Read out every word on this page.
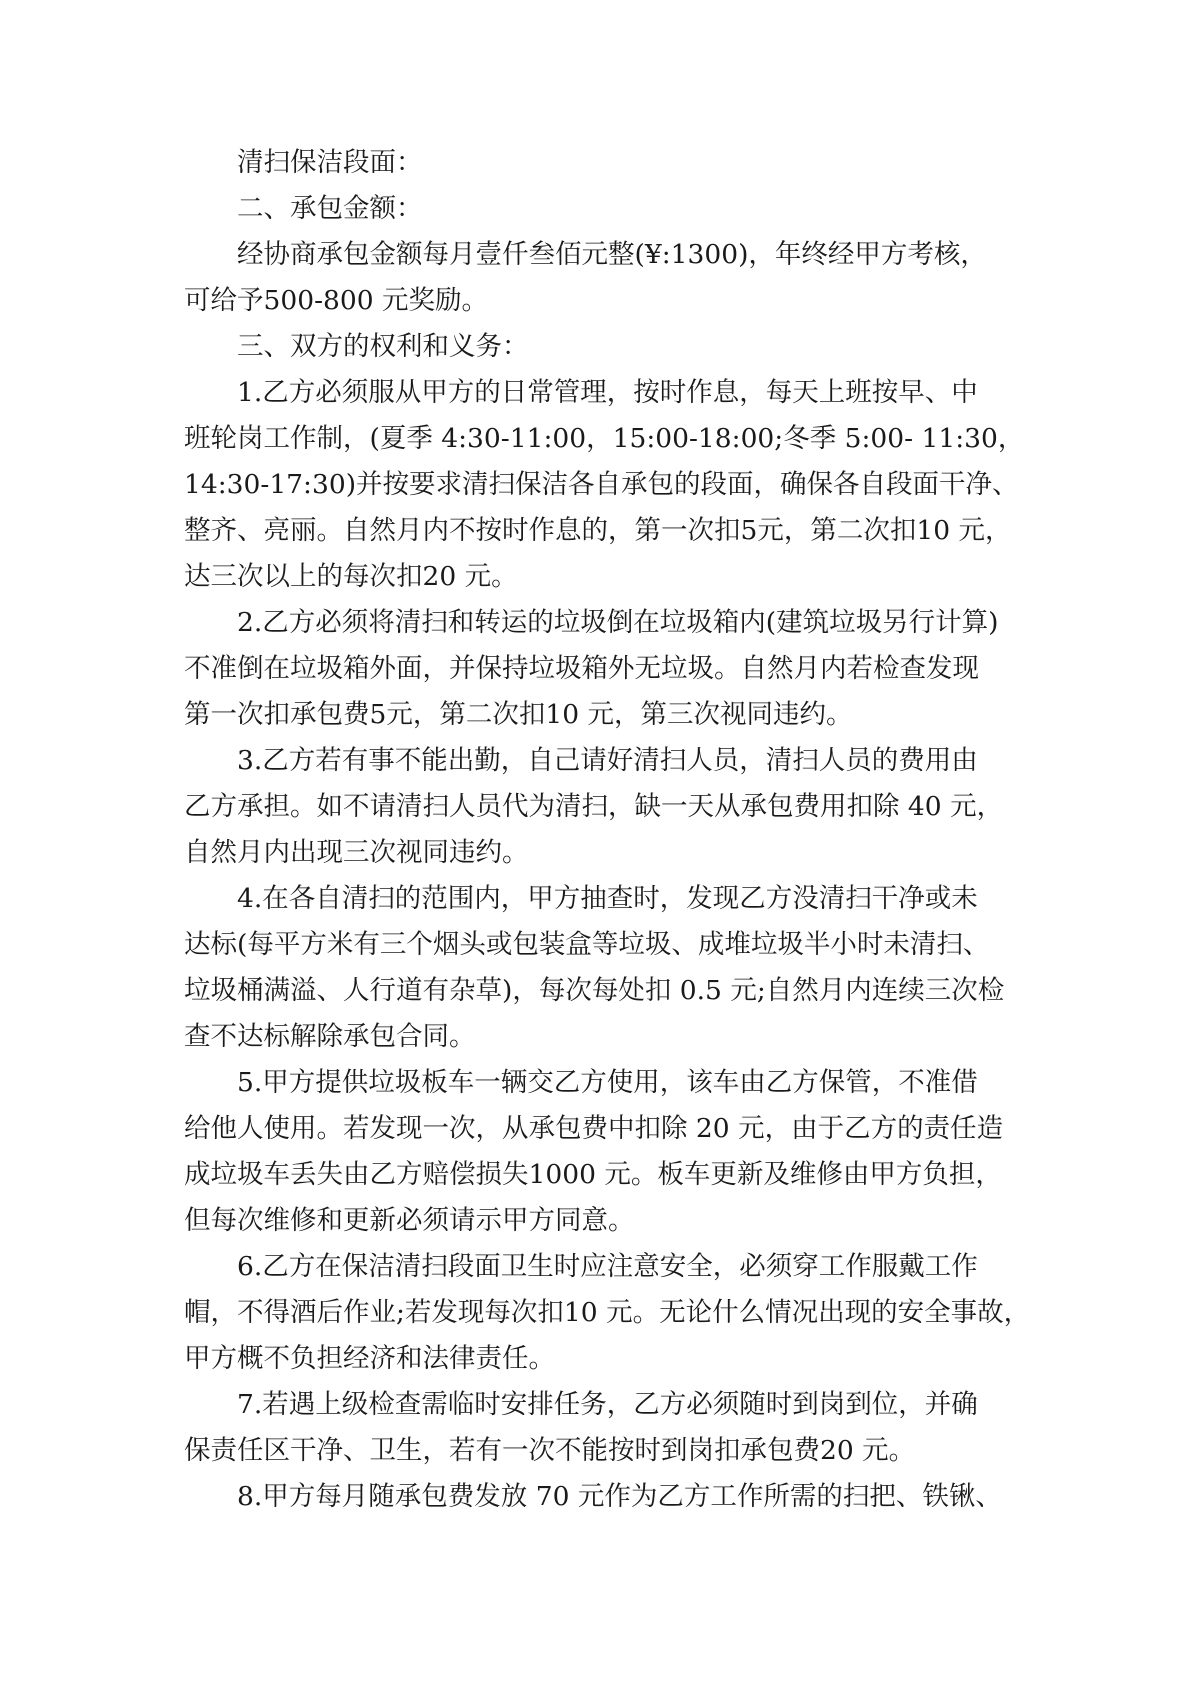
清扫保洁段面：

二、承包金额：

经协商承包金额每月壹仟叁佰元整(¥:1300)，年终经甲方考核，
可给予500-800 元奖励。

三、双方的权利和义务：

1.乙方必须服从甲方的日常管理，按时作息，每天上班按早、中
班轮岗工作制，(夏季 4:30-11:00，15:00-18:00;冬季 5:00- 11:30，
14:30-17:30)并按要求清扫保洁各自承包的段面，确保各自段面干净、
整齐、亮丽。自然月内不按时作息的，第一次扣5元，第二次扣10 元，
达三次以上的每次扣20 元。

2.乙方必须将清扫和转运的垃圾倒在垃圾箱内(建筑垃圾另行计算)
不准倒在垃圾箱外面，并保持垃圾箱外无垃圾。自然月内若检查发现
第一次扣承包费5元，第二次扣10 元，第三次视同违约。

3.乙方若有事不能出勤，自己请好清扫人员，清扫人员的费用由
乙方承担。如不请清扫人员代为清扫，缺一天从承包费用扣除 40 元，
自然月内出现三次视同违约。

4.在各自清扫的范围内，甲方抽查时，发现乙方没清扫干净或未
达标(每平方米有三个烟头或包装盒等垃圾、成堆垃圾半小时未清扫、
垃圾桶满溢、人行道有杂草)，每次每处扣 0.5 元;自然月内连续三次检
查不达标解除承包合同。

5.甲方提供垃圾板车一辆交乙方使用，该车由乙方保管，不准借
给他人使用。若发现一次，从承包费中扣除 20 元，由于乙方的责任造
成垃圾车丢失由乙方赔偿损失1000 元。板车更新及维修由甲方负担，
但每次维修和更新必须请示甲方同意。

6.乙方在保洁清扫段面卫生时应注意安全，必须穿工作服戴工作
帽，不得酒后作业;若发现每次扣10 元。无论什么情况出现的安全事故，
甲方概不负担经济和法律责任。

7.若遇上级检查需临时安排任务，乙方必须随时到岗到位，并确
保责任区干净、卫生，若有一次不能按时到岗扣承包费20 元。

8.甲方每月随承包费发放 70 元作为乙方工作所需的扫把、铁锹、
